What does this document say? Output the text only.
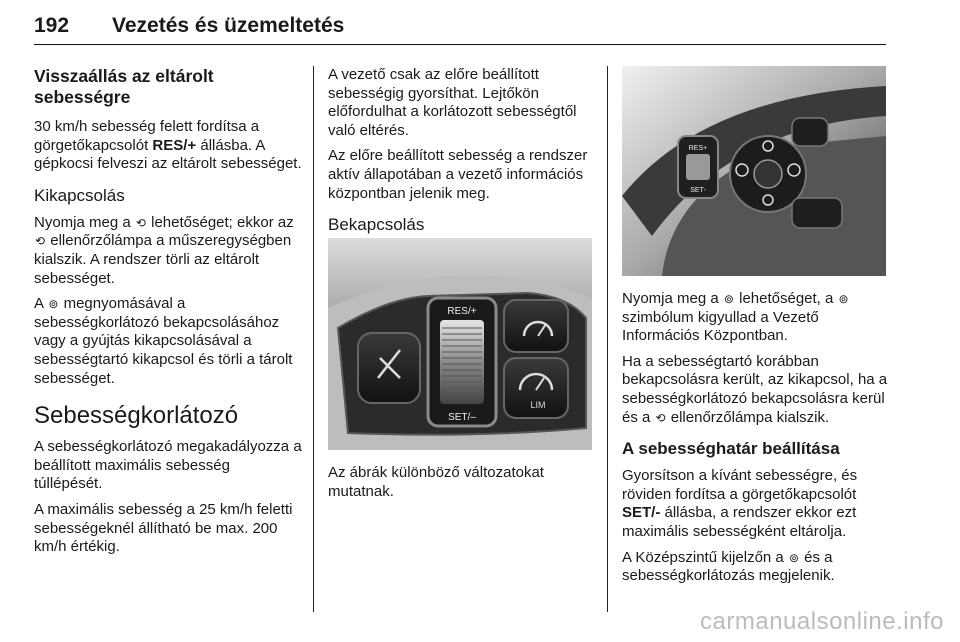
192 Vezetés és üzemeltetés
Visszaállás az eltárolt sebességre

30 km/h sebesség felett fordítsa a görgetőkapcsolót RES/+ állásba. A gépkocsi felveszi az eltárolt sebességet.

Kikapcsolás

Nyomja meg a ⟲ lehetőséget; ekkor az ⟲ ellenőrzőlámpa a műszeregységben kialszik. A rendszer törli az eltárolt sebességet.

A ⊚ megnyomásával a sebességkorlátozó bekapcsolásához vagy a gyújtás kikapcsolásával a sebességtartó kikapcsol és törli a tárolt sebességet.

Sebességkorlátozó

A sebességkorlátozó megakadályozza a beállított maximális sebesség túllépését.

A maximális sebesség a 25 km/h feletti sebességeknél állítható be max. 200 km/h értékig.

A vezető csak az előre beállított sebességig gyorsíthat. Lejtőkön előfordulhat a korlátozott sebességtől való eltérés.

Az előre beállított sebesség a rendszer aktív állapotában a vezető információs központban jelenik meg.

Bekapcsolás
RES/+
SET/–
LIM

Az ábrák különböző változatokat mutatnak.

RES+
SET-

Nyomja meg a ⊚ lehetőséget, a ⊚ szimbólum kigyullad a Vezető Információs Központban.

Ha a sebességtartó korábban bekapcsolásra került, az kikapcsol, ha a sebességkorlátozó bekapcsolásra kerül és a ⟲ ellenőrzőlámpa kialszik.

A sebességhatár beállítása

Gyorsítson a kívánt sebességre, és röviden fordítsa a görgetőkapcsolót SET/- állásba, a rendszer ekkor ezt maximális sebességként eltárolja.

A Középszintű kijelzőn a ⊚ és a sebességkorlátozás megjelenik.

carmanualsonline.info
